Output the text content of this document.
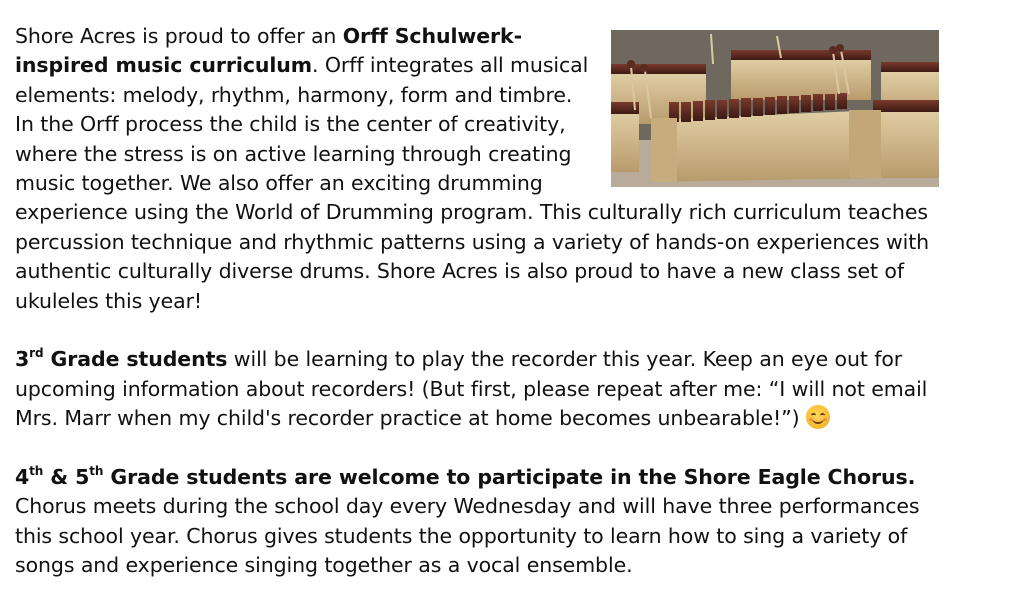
Shore Acres is proud to offer an Orff Schulwerk-inspired music curriculum. Orff integrates all musical elements: melody, rhythm, harmony, form and timbre. In the Orff process the child is the center of creativity, where the stress is on active learning through creating music together. We also offer an exciting drumming experience using the World of Drumming program. This culturally rich curriculum teaches percussion technique and rhythmic patterns using a variety of hands-on experiences with authentic culturally diverse drums. Shore Acres is also proud to have a new class set of ukuleles this year!

3rd Grade students will be learning to play the recorder this year. Keep an eye out for upcoming information about recorders! (But first, please repeat after me: “I will not email Mrs. Marr when my child's recorder practice at home becomes unbearable!”)

4th & 5th Grade students are welcome to participate in the Shore Eagle Chorus. Chorus meets during the school day every Wednesday and will have three performances this school year. Chorus gives students the opportunity to learn how to sing a variety of songs and experience singing together as a vocal ensemble.
